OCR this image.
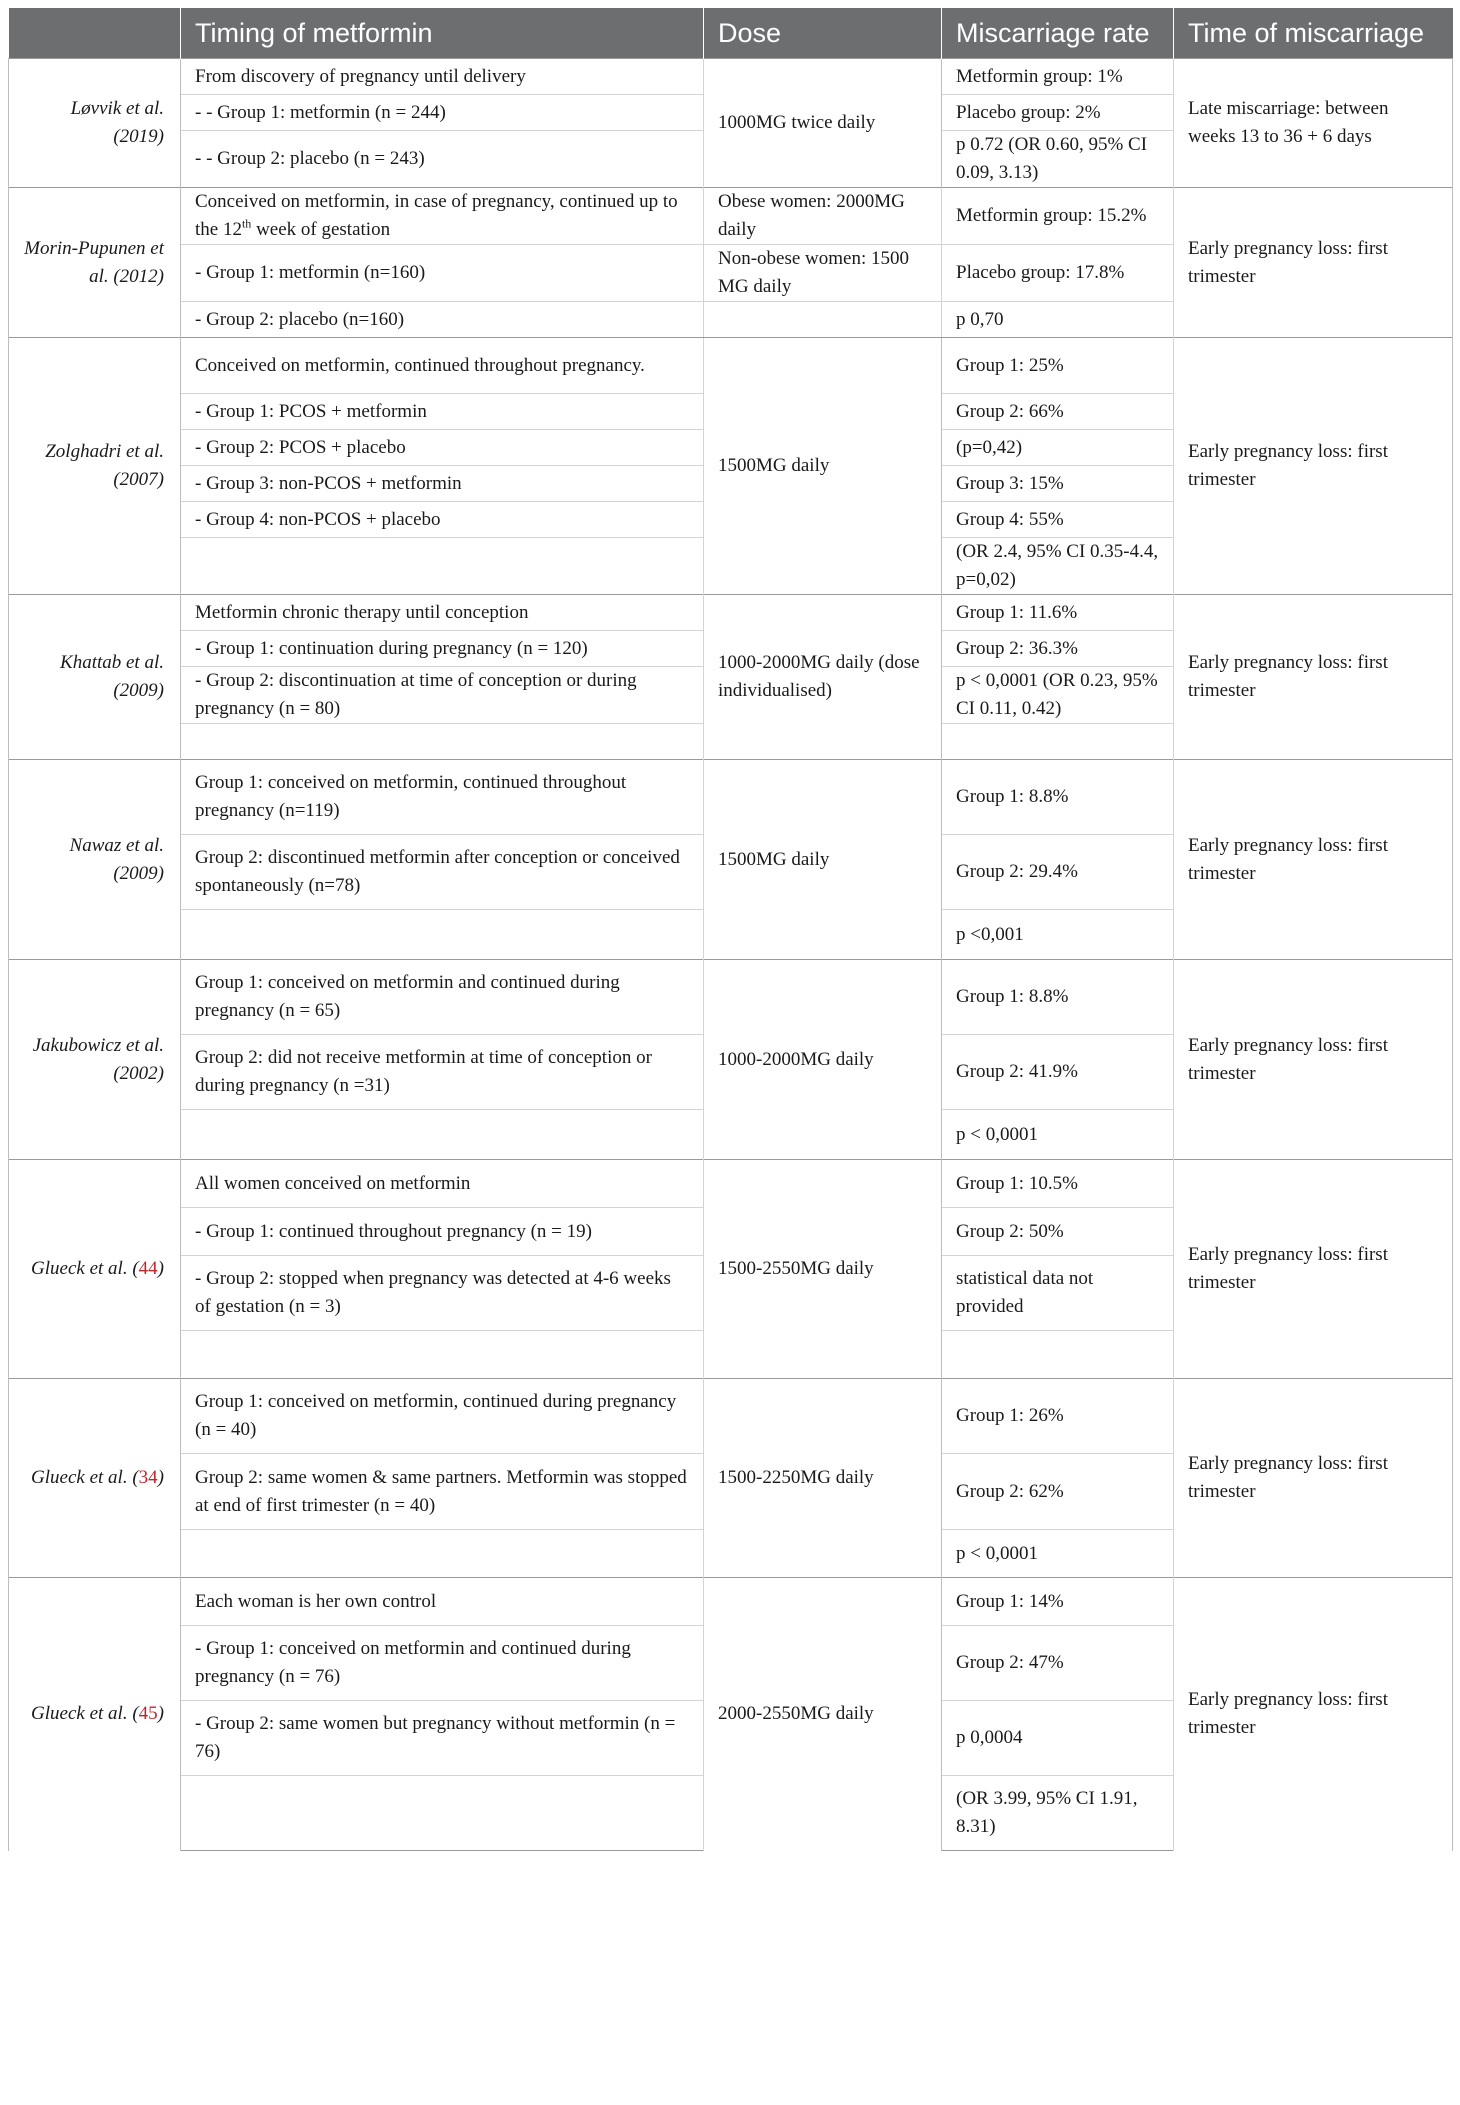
	Timing of metformin	Dose	Miscarriage rate	Time of miscarriage
Løvvik et al. (2019)	From discovery of pregnancy until delivery	1000MG twice daily	Metformin group: 1%	Late miscarriage: between weeks 13 to 36 + 6 days
	- - Group 1: metformin (n = 244)		Placebo group: 2%	
	- - Group 2: placebo (n = 243)		p 0.72 (OR 0.60, 95% CI 0.09, 3.13)	
Morin-Pupunen et al. (2012)	Conceived on metformin, in case of pregnancy, continued up to the 12th week of gestation	Obese women: 2000MG daily	Metformin group: 15.2%	Early pregnancy loss: first trimester
	- Group 1: metformin (n=160)	Non-obese women: 1500 MG daily	Placebo group: 17.8%	
	- Group 2: placebo (n=160)		p 0,70	
Zolghadri et al. (2007)	Conceived on metformin, continued throughout pregnancy.	1500MG daily	Group 1: 25%	Early pregnancy loss: first trimester
	- Group 1: PCOS + metformin		Group 2: 66%	
	- Group 2: PCOS + placebo		(p=0,42)	
	- Group 3: non-PCOS + metformin		Group 3: 15%	
	- Group 4: non-PCOS + placebo		Group 4: 55%	
			(OR 2.4, 95% CI 0.35-4.4, p=0,02)	
Khattab et al. (2009)	Metformin chronic therapy until conception	1000-2000MG daily (dose individualised)	Group 1: 11.6%	Early pregnancy loss: first trimester
	- Group 1: continuation during pregnancy (n = 120)		Group 2: 36.3%	
	- Group 2: discontinuation at time of conception or during pregnancy (n = 80)		p < 0,0001 (OR 0.23, 95% CI 0.11, 0.42)	

Nawaz et al. (2009)	Group 1: conceived on metformin, continued throughout pregnancy (n=119)	1500MG daily	Group 1: 8.8%	Early pregnancy loss: first trimester
	Group 2: discontinued metformin after conception or conceived spontaneously (n=78)		Group 2: 29.4%	
			p <0,001	
Jakubowicz et al. (2002)	Group 1: conceived on metformin and continued during pregnancy (n = 65)	1000-2000MG daily	Group 1: 8.8%	Early pregnancy loss: first trimester
	Group 2: did not receive metformin at time of conception or during pregnancy (n =31)		Group 2: 41.9%	
			p < 0,0001	
Glueck et al. (44)	All women conceived on metformin	1500-2550MG daily	Group 1: 10.5%	Early pregnancy loss: first trimester
	- Group 1: continued throughout pregnancy (n = 19)		Group 2: 50%	
	- Group 2: stopped when pregnancy was detected at 4-6 weeks of gestation (n = 3)		statistical data not provided	

Glueck et al. (34)	Group 1: conceived on metformin, continued during pregnancy (n = 40)	1500-2250MG daily	Group 1: 26%	Early pregnancy loss: first trimester
	Group 2: same women & same partners. Metformin was stopped at end of first trimester (n = 40)		Group 2: 62%	
			p < 0,0001	
Glueck et al. (45)	Each woman is her own control	2000-2550MG daily	Group 1: 14%	Early pregnancy loss: first trimester
	- Group 1: conceived on metformin and continued during pregnancy (n = 76)		Group 2: 47%	
	- Group 2: same women but pregnancy without metformin (n = 76)		p 0,0004	
			(OR 3.99, 95% CI 1.91, 8.31)	
